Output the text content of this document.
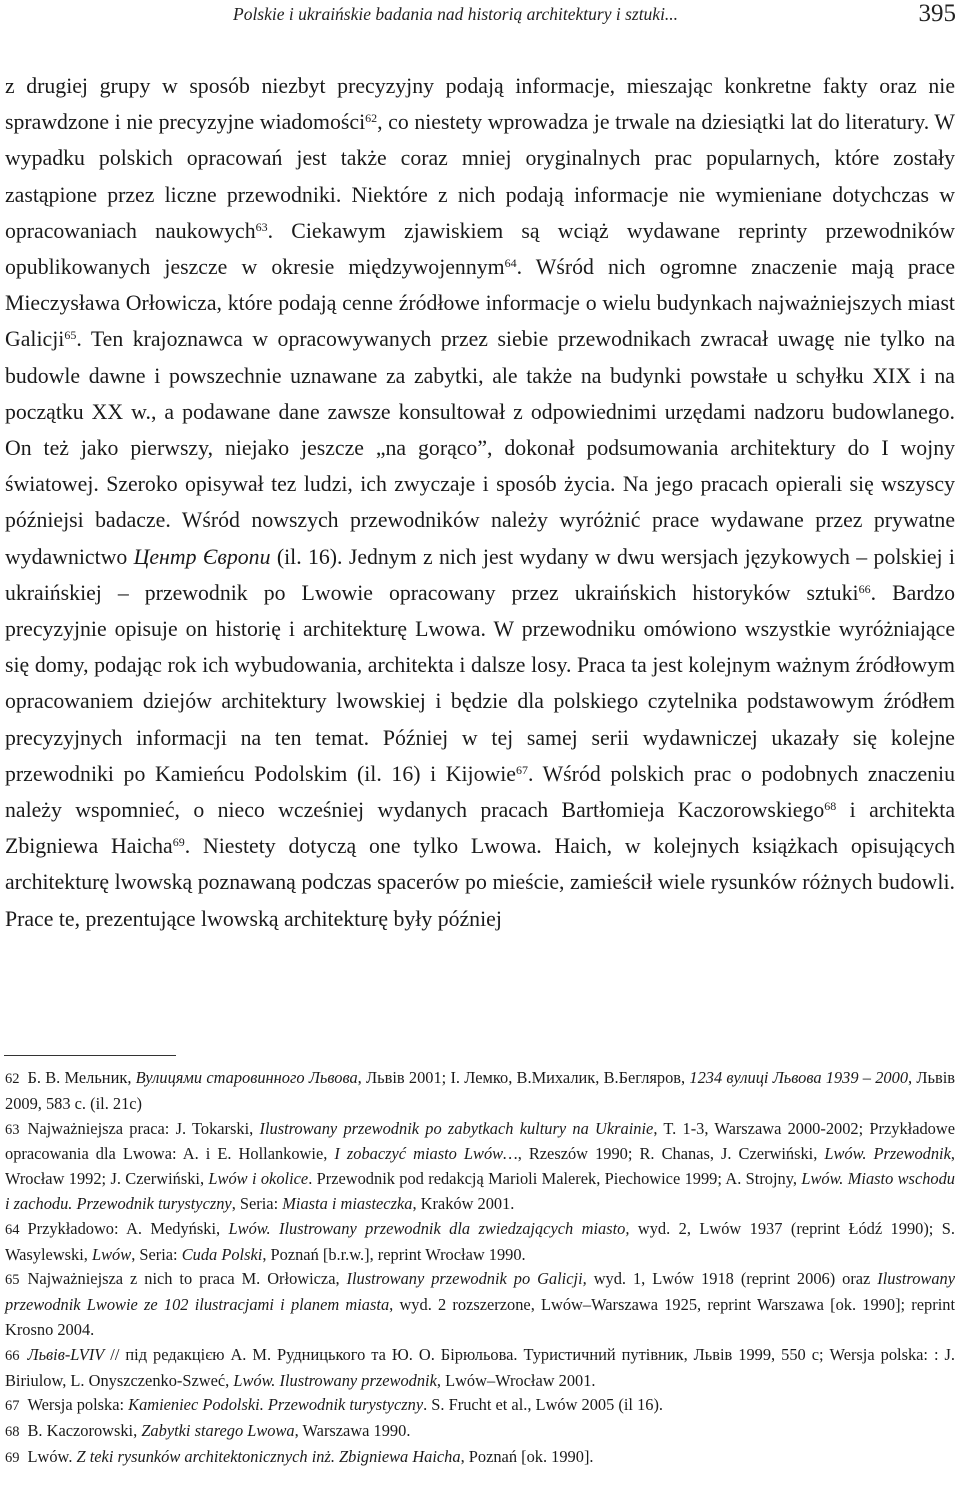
Polskie i ukraińskie badania nad historią architektury i sztuki...	395

z drugiej grupy w sposób niezbyt precyzyjny podają informacje, mieszając konkretne fakty oraz nie sprawdzone i nie precyzyjne wiadomości$^{62}$, co niestety wprowadza je trwale na dziesiątki lat do literatury. W wypadku polskich opracowań jest także coraz mniej oryginalnych prac popularnych, które zostały zastąpione przez liczne przewodniki. Niektóre z nich podają informacje nie wymieniane dotychczas w opracowaniach naukowych$^{63}$. Ciekawym zjawiskiem są wciąż wydawane reprinty przewodników opublikowanych jeszcze w okresie międzywojennym$^{64}$. Wśród nich ogromne znaczenie mają prace Mieczysława Orłowicza, które podają cenne źródłowe informacje o wielu budynkach najważniejszych miast Galicji$^{65}$. Ten krajoznawca w opracowywanych przez siebie przewodnikach zwracał uwagę nie tylko na budowle dawne i powszechnie uznawane za zabytki, ale także na budynki powstałe u schyłku XIX i na początku XX w., a podawane dane zawsze konsultował z odpowiednimi urzędami nadzoru budowlanego. On też jako pierwszy, niejako jeszcze „na gorąco”, dokonał podsumowania architektury do I wojny światowej. Szeroko opisywał tez ludzi, ich zwyczaje i sposób życia. Na jego pracach opierali się wszyscy późniejsi badacze. Wśród nowszych przewodników należy wyróżnić prace wydawane przez prywatne wydawnictwo Центр Європи (il. 16). Jednym z nich jest wydany w dwu wersjach językowych – polskiej i ukraińskiej – przewodnik po Lwowie opracowany przez ukraińskich historyków sztuki$^{66}$. Bardzo precyzyjnie opisuje on historię i architekturę Lwowa. W przewodniku omówiono wszystkie wyróżniające się domy, podając rok ich wybudowania, architekta i dalsze losy. Praca ta jest kolejnym ważnym źródłowym opracowaniem dziejów architektury lwowskiej i będzie dla polskiego czytelnika podstawowym źródłem precyzyjnych informacji na ten temat. Później w tej samej serii wydawniczej ukazały się kolejne przewodniki po Kamieńcu Podolskim (il. 16) i Kijowie$^{67}$. Wśród polskich prac o podobnych znaczeniu należy wspomnieć, o nieco wcześniej wydanych pracach Bartłomieja Kaczorowskiego$^{68}$ i architekta Zbigniewa Haicha$^{69}$. Niestety dotyczą one tylko Lwowa. Haich, w kolejnych książkach opisujących architekturę lwowską poznawaną podczas spacerów po mieście, zamieścił wiele rysunków różnych budowli. Prace te, prezentujące lwowską architekturę były później

62 Б. В. Мельник, Вулицями старовинного Львова, Львів 2001; І. Лемко, В.Михалик, В.Бегляров, 1234 вулиці Львова 1939 – 2000, Львів 2009, 583 с. (il. 21c)

63 Najważniejsza praca: J. Tokarski, Ilustrowany przewodnik po zabytkach kultury na Ukrainie, T. 1-3, Warszawa 2000-2002; Przykładowe opracowania dla Lwowa: A. i E. Hollankowie, I zobaczyć miasto Lwów…, Rzeszów 1990; R. Chanas, J. Czerwiński, Lwów. Przewodnik, Wrocław 1992; J. Czerwiński, Lwów i okolice. Przewodnik pod redakcją Marioli Malerek, Piechowice 1999; A. Strojny, Lwów. Miasto wschodu i zachodu. Przewodnik turystyczny, Seria: Miasta i miasteczka, Kraków 2001.

64 Przykładowo: A. Medyński, Lwów. Ilustrowany przewodnik dla zwiedzających miasto, wyd. 2, Lwów 1937 (reprint Łódź 1990); S. Wasylewski, Lwów, Seria: Cuda Polski, Poznań [b.r.w.], reprint Wrocław 1990.

65 Najważniejsza z nich to praca M. Orłowicza, Ilustrowany przewodnik po Galicji, wyd. 1, Lwów 1918 (reprint 2006) oraz Ilustrowany przewodnik Lwowie ze 102 ilustracjami i planem miasta, wyd. 2 rozszerzone, Lwów–Warszawa 1925, reprint Warszawa [ok. 1990]; reprint Krosno 2004.

66 Львів-LVIV // під редакцією А. М. Рудницького та Ю. О. Бірюльова. Туристичний путівник, Львів 1999, 550 с; Wersja polska: : J. Biriulow, L. Onyszczenko-Szweć, Lwów. Ilustrowany przewodnik, Lwów–Wrocław 2001.

67 Wersja polska: Kamieniec Podolski. Przewodnik turystyczny. S. Frucht et al., Lwów 2005 (il 16).

68 B. Kaczorowski, Zabytki starego Lwowa, Warszawa 1990.

69 Lwów. Z teki rysunków architektonicznych inż. Zbigniewa Haicha, Poznań [ok. 1990].
